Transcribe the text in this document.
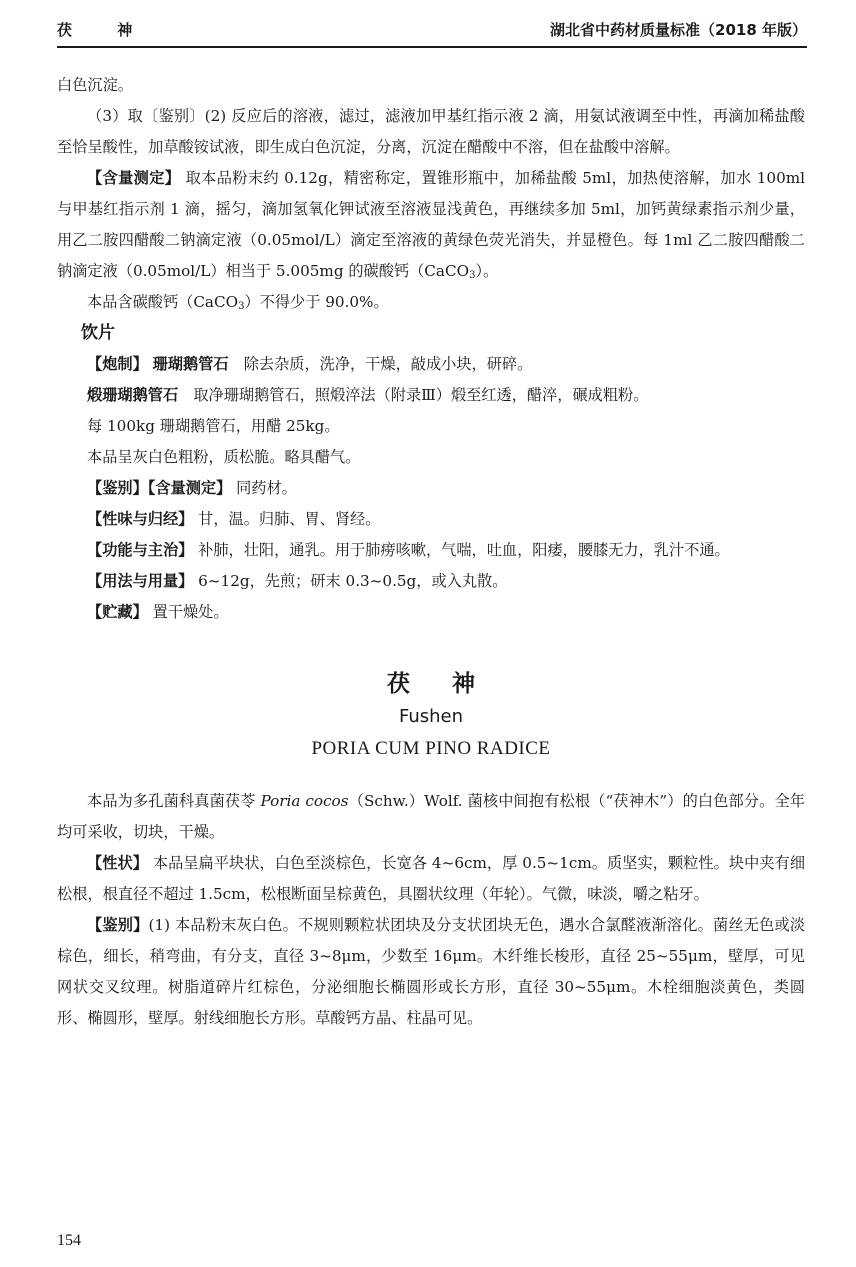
茯 神	湖北省中药材质量标准（2018 年版）

白色沉淀。

（3）取〔鉴别〕(2) 反应后的溶液，滤过，滤液加甲基红指示液 2 滴，用氨试液调至中性，再滴加稀盐酸至恰呈酸性，加草酸铵试液，即生成白色沉淀，分离，沉淀在醋酸中不溶，但在盐酸中溶解。

【含量测定】 取本品粉末约 0.12g，精密称定，置锥形瓶中，加稀盐酸 5ml，加热使溶解，加水 100ml 与甲基红指示剂 1 滴，摇匀，滴加氢氧化钾试液至溶液显浅黄色，再继续多加 5ml，加钙黄绿素指示剂少量，用乙二胺四醋酸二钠滴定液（0.05mol/L）滴定至溶液的黄绿色荧光消失，并显橙色。每 1ml 乙二胺四醋酸二钠滴定液（0.05mol/L）相当于 5.005mg 的碳酸钙（CaCO$_3$）。

本品含碳酸钙（CaCO$_3$）不得少于 90.0%。

饮片

【炮制】 珊瑚鹅管石　 除去杂质，洗净，干燥，敲成小块，研碎。

煅珊瑚鹅管石　 取净珊瑚鹅管石，照煅淬法（附录Ⅲ）煅至红透，醋淬，碾成粗粉。

每 100kg 珊瑚鹅管石，用醋 25kg。

本品呈灰白色粗粉，质松脆。略具醋气。

【鉴别】【含量测定】 同药材。

【性味与归经】 甘，温。归肺、胃、肾经。

【功能与主治】 补肺，壮阳，通乳。用于肺痨咳嗽，气喘，吐血，阳痿，腰膝无力，乳汁不通。

【用法与用量】 6~12g，先煎；研末 0.3~0.5g，或入丸散。

【贮藏】 置干燥处。

茯神

Fushen

PORIA CUM PINO RADICE

本品为多孔菌科真菌茯苓 Poria cocos（Schw.）Wolf. 菌核中间抱有松根（“茯神木”）的白色部分。全年均可采收，切块，干燥。

【性状】 本品呈扁平块状，白色至淡棕色，长宽各 4~6cm，厚 0.5~1cm。质坚实，颗粒性。块中夹有细松根，根直径不超过 1.5cm，松根断面呈棕黄色，具圈状纹理（年轮）。气微，味淡，嚼之粘牙。

【鉴别】(1) 本品粉末灰白色。不规则颗粒状团块及分支状团块无色，遇水合氯醛液渐溶化。菌丝无色或淡棕色，细长，稍弯曲，有分支，直径 3~8μm，少数至 16μm。木纤维长梭形，直径 25~55μm，壁厚，可见网状交叉纹理。树脂道碎片红棕色，分泌细胞长椭圆形或长方形，直径 30~55μm。木栓细胞淡黄色，类圆形、椭圆形，壁厚。射线细胞长方形。草酸钙方晶、柱晶可见。

154
